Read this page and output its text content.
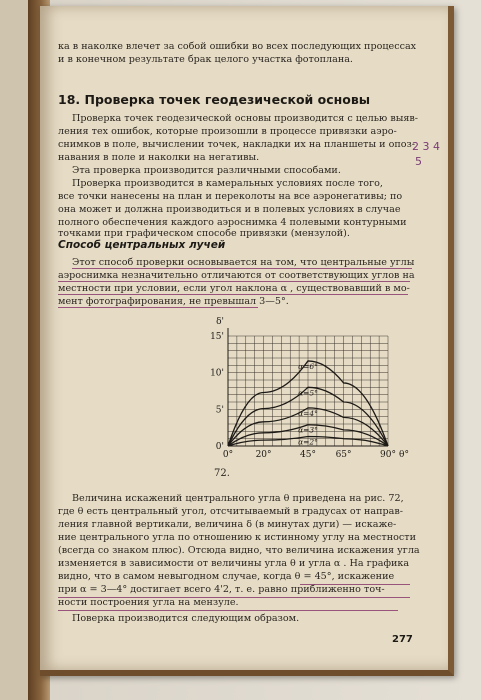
ка в наколке влечет за собой ошибки во всех последующих процессах
и в конечном результате брак целого участка фотоплана.
18. Проверка точек геодезической основы
Проверка точек геодезической основы производится с целью выяв-
ления тех ошибок, которые произошли в процессе привязки аэро-
снимков в поле, вычислении точек, накладки их на планшеты и опоз-
навания в поле и наколки на негативы.
Эта проверка производится различными способами.
Проверка производится в камеральных условиях после того,
все точки нанесены на план и переколоты на все аэронегативы; по
она может и должна производиться и в полевых условиях в случае
полного обеспечения каждого аэроснимка 4 полевыми контурными
точками при графическом способе привязки (мензулой).
Способ центральных лучей
Этот способ проверки основывается на том, что центральные углы
аэроснимка незначительно отличаются от соответствующих углов на
местности при условии, если угол наклона α , существовавший в мо-
мент фотографирования, не превышал 3—5°.
2 3 4
5
0° 20°	45° 65°	90° θ°
0'
5'
10'
15'
δ'
α=6°
α=5°
α=4°
α=3°
α=2°
72.
Величина искажений центрального угла θ приведена на рис. 72,
где θ есть центральный угол, отсчитываемый в градусах от направ-
ления главной вертикали, величина δ (в минутах дуги) — искаже-
ние центрального угла по отношению к истинному углу на местности
(всегда со знаком плюс). Отсюда видно, что величина искажения угла
изменяется в зависимости от величины угла θ и угла α . На графика
видно, что в самом невыгодном случае, когда θ = 45°, искажение
при α = 3—4° достигает всего 4'2, т. е. равно приближенно точ-
ности построения угла на мензуле.
Поверка производится следующим образом.
277
